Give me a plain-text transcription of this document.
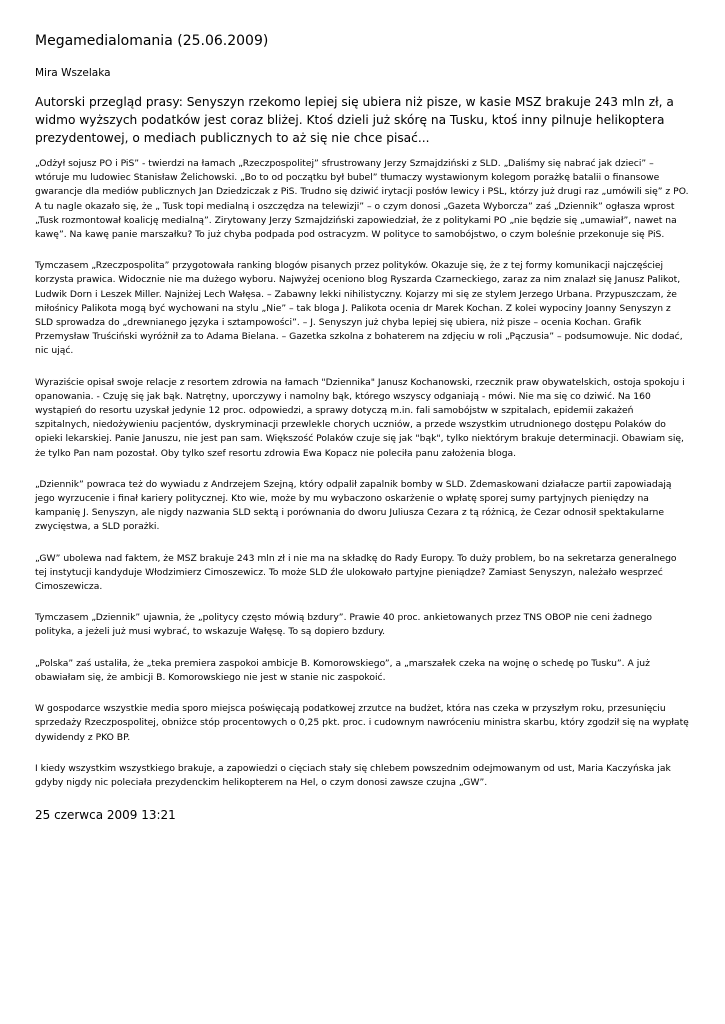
Megamedialomania (25.06.2009)

Mira Wszelaka

Autorski przegląd prasy: Senyszyn rzekomo lepiej się ubiera niż pisze, w kasie MSZ brakuje 243 mln zł, a widmo wyższych podatków jest coraz bliżej. Ktoś dzieli już skórę na Tusku, ktoś inny pilnuje helikoptera prezydentowej, o mediach publicznych to aż się nie chce pisać...

„Odżył sojusz PO i PiS” - twierdzi na łamach „Rzeczpospolitej” sfrustrowany Jerzy Szmajdziński z SLD. „Daliśmy się nabrać jak dzieci” – wtóruje mu ludowiec Stanisław Żelichowski. „Bo to od początku był bubel” tłumaczy wystawionym kolegom porażkę batalii o finansowe gwarancje dla mediów publicznych Jan Dziedziczak z PiS. Trudno się dziwić irytacji posłów lewicy i PSL, którzy już drugi raz „umówili się” z PO. A tu nagle okazało się, że „ Tusk topi medialną i oszczędza na telewizji” – o czym donosi „Gazeta Wyborcza” zaś „Dziennik” ogłasza wprost „Tusk rozmontował koalicję medialną”. Zirytowany Jerzy Szmajdziński zapowiedział, że z politykami PO „nie będzie się „umawiał”, nawet na kawę”. Na kawę panie marszałku? To już chyba podpada pod ostracyzm. W polityce to samobójstwo, o czym boleśnie przekonuje się PiS.

Tymczasem „Rzeczpospolita” przygotowała ranking blogów pisanych przez polityków. Okazuje się, że z tej formy komunikacji najczęściej korzysta prawica. Widocznie nie ma dużego wyboru. Najwyżej oceniono blog Ryszarda Czarneckiego, zaraz za nim znalazł się Janusz Palikot, Ludwik Dorn i Leszek Miller. Najniżej Lech Wałęsa. – Zabawny lekki nihilistyczny. Kojarzy mi się ze stylem Jerzego Urbana. Przypuszczam, że miłośnicy Palikota mogą być wychowani na stylu „Nie” – tak bloga J. Palikota ocenia dr Marek Kochan. Z kolei wypociny Joanny Senyszyn z SLD sprowadza do „drewnianego języka i sztampowości”. – J. Senyszyn już chyba lepiej się ubiera, niż pisze – ocenia Kochan. Grafik Przemysław Truściński wyróżnił za to Adama Bielana. – Gazetka szkolna z bohaterem na zdjęciu w roli „Pączusia” – podsumowuje. Nic dodać, nic ująć.

Wyraziście opisał swoje relacje z resortem zdrowia na łamach "Dziennika" Janusz Kochanowski, rzecznik praw obywatelskich, ostoja spokoju i opanowania. - Czuję się jak bąk. Natrętny, uporczywy i namolny bąk, którego wszyscy odganiają - mówi. Nie ma się co dziwić. Na 160 wystąpień do resortu uzyskał jedynie 12 proc. odpowiedzi, a sprawy dotyczą m.in. fali samobójstw w szpitalach, epidemii zakażeń szpitalnych, niedożywieniu pacjentów, dyskryminacji przewlekle chorych uczniów, a przede wszystkim utrudnionego dostępu Polaków do opieki lekarskiej. Panie Januszu, nie jest pan sam. Większość Polaków czuje się jak "bąk", tylko niektórym brakuje determinacji. Obawiam się, że tylko Pan nam pozostał. Oby tylko szef resortu zdrowia Ewa Kopacz nie poleciła panu założenia bloga.

„Dziennik” powraca też do wywiadu z Andrzejem Szejną, który odpalił zapalnik bomby w SLD. Zdemaskowani działacze partii zapowiadają jego wyrzucenie i finał kariery politycznej. Kto wie, może by mu wybaczono oskarżenie o wpłatę sporej sumy partyjnych pieniędzy na kampanię J. Senyszyn, ale nigdy nazwania SLD sektą i porównania do dworu Juliusza Cezara z tą różnicą, że Cezar odnosił spektakularne zwycięstwa, a SLD porażki.

„GW” ubolewa nad faktem, że MSZ brakuje 243 mln zł i nie ma na składkę do Rady Europy. To duży problem, bo na sekretarza generalnego tej instytucji kandyduje Włodzimierz Cimoszewicz. To może SLD źle ulokowało partyjne pieniądze? Zamiast Senyszyn, należało wesprzeć Cimoszewicza.

Tymczasem „Dziennik” ujawnia, że „politycy często mówią bzdury”. Prawie 40 proc. ankietowanych przez TNS OBOP nie ceni żadnego polityka, a jeżeli już musi wybrać, to wskazuje Wałęsę. To są dopiero bzdury.

„Polska” zaś ustaliła, że „teka premiera zaspokoi ambicje B. Komorowskiego”, a „marszałek czeka na wojnę o schedę po Tusku”. A już obawiałam się, że ambicji B. Komorowskiego nie jest w stanie nic zaspokoić.

W gospodarce wszystkie media sporo miejsca poświęcają podatkowej zrzutce na budżet, która nas czeka w przyszłym roku, przesunięciu sprzedaży Rzeczpospolitej, obniżce stóp procentowych o 0,25 pkt. proc. i cudownym nawróceniu ministra skarbu, który zgodził się na wypłatę dywidendy z PKO BP.

I kiedy wszystkim wszystkiego brakuje, a zapowiedzi o cięciach stały się chlebem powszednim odejmowanym od ust, Maria Kaczyńska jak gdyby nigdy nic poleciała prezydenckim helikopterem na Hel, o czym donosi zawsze czujna „GW”.

25 czerwca 2009 13:21
